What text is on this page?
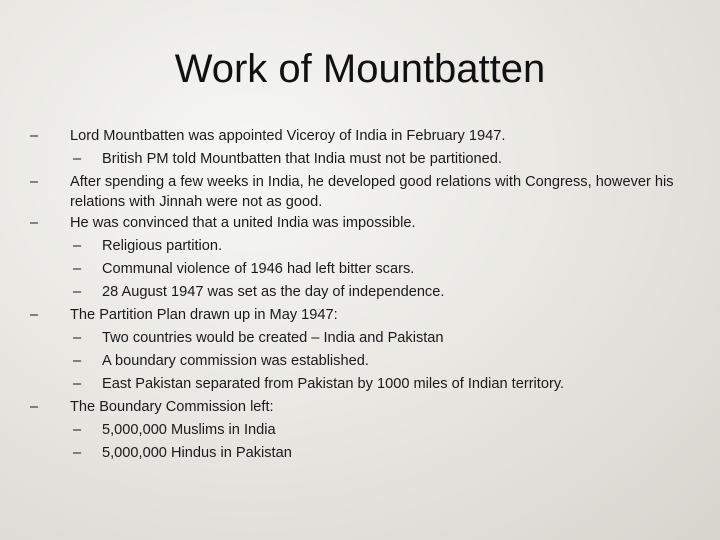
Work of Mountbatten
– Lord Mountbatten was appointed Viceroy of India in February 1947.
– British PM told Mountbatten that India must not be partitioned.
– After spending a few weeks in India, he developed good relations with Congress, however his relations with Jinnah were not as good.
– He was convinced that a united India was impossible.
– Religious partition.
– Communal violence of 1946 had left bitter scars.
– 28 August 1947 was set as the day of independence.
– The Partition Plan drawn up in May 1947:
– Two countries would be created – India and Pakistan
– A boundary commission was established.
– East Pakistan separated from Pakistan by 1000 miles of Indian territory.
– The Boundary Commission left:
– 5,000,000 Muslims in India
– 5,000,000 Hindus in Pakistan
